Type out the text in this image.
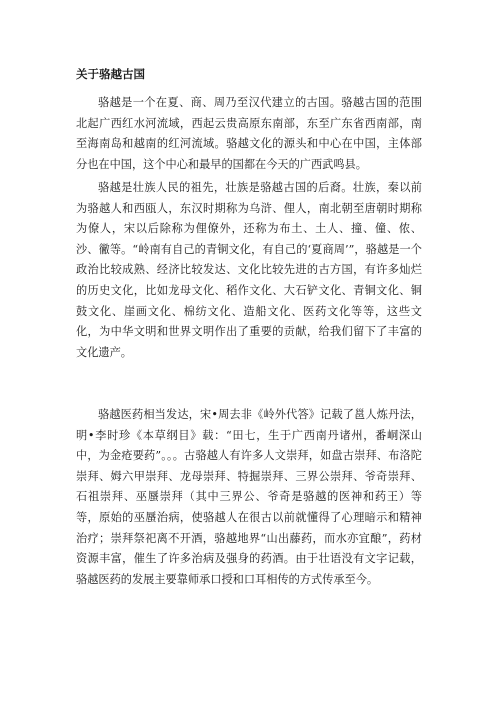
关于骆越古国

骆越是一个在夏、商、周乃至汉代建立的古国。骆越古国的范围北起广西红水河流域，西起云贵高原东南部，东至广东省西南部，南至海南岛和越南的红河流域。骆越文化的源头和中心在中国，主体部分也在中国，这个中心和最早的国都在今天的广西武鸣县。

骆越是壮族人民的祖先，壮族是骆越古国的后裔。壮族，秦以前为骆越人和西瓯人，东汉时期称为乌浒、俚人，南北朝至唐朝时期称为僚人，宋以后除称为俚僚外，还称为布土、土人、撞、僮、侬、沙、徶等。“岭南有自己的青铜文化，有自己的‘夏商周’”，骆越是一个政治比较成熟、经济比较发达、文化比较先进的古方国，有许多灿烂的历史文化，比如龙母文化、稻作文化、大石铲文化、青铜文化、铜鼓文化、崖画文化、棉纺文化、造船文化、医药文化等等，这些文化，为中华文明和世界文明作出了重要的贡献，给我们留下了丰富的文化遗产。

骆越医药相当发达，宋•周去非《岭外代答》记载了邕人炼丹法，明•李时珍《本草纲目》载：“田七，生于广西南丹诸州，番峒深山中，为金疮要药”。。。古骆越人有许多人文崇拜，如盘古崇拜、布洛陀崇拜、姆六甲崇拜、龙母崇拜、特掘崇拜、三界公崇拜、爷奇崇拜、石祖崇拜、巫蜃崇拜（其中三界公、爷奇是骆越的医神和药王）等等，原始的巫蜃治病，使骆越人在很古以前就懂得了心理暗示和精神治疗；崇拜祭祀离不开酒，骆越地界“山出藤药，而水亦宜酿”，药材资源丰富，催生了许多治病及强身的药酒。由于壮语没有文字记载，骆越医药的发展主要靠师承口授和口耳相传的方式传承至今。
